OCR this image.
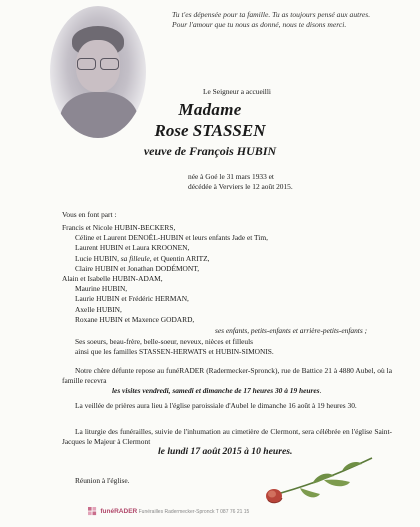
Tu t'es dépensée pour ta famille. Tu as toujours pensé aux autres.
Pour l'amour que tu nous as donné, nous te disons merci.
Le Seigneur a accueilli
Madame
Rose STASSEN
veuve de François HUBIN
née à Goé le 31 mars 1933 et
décédée à Verviers le 12 août 2015.
Vous en font part :
Francis et Nicole HUBIN-BECKERS,
Céline et Laurent DENOËL-HUBIN et leurs enfants Jade et Tim,
Laurent HUBIN et Laura KROONEN,
Lucie HUBIN, sa filleule, et Quentin ARITZ,
Claire HUBIN et Jonathan DODÉMONT,
Alain et Isabelle HUBIN-ADAM,
Maurine HUBIN,
Laurie HUBIN et Frédéric HERMAN,
Axelle HUBIN,
Roxane HUBIN et Maxence GODARD,
ses enfants, petits-enfants et arrière-petits-enfants ;
Ses soeurs, beau-frère, belle-soeur, neveux, nièces et filleuls
ainsi que les familles STASSEN-HERWATS et HUBIN-SIMONIS.
Notre chère défunte repose au funéRADER (Radermecker-Spronck), rue de Battice 21 à 4880 Aubel, où la famille recevra
les visites vendredi, samedi et dimanche de 17 heures 30 à 19 heures.
La veillée de prières aura lieu à l'église paroissiale d'Aubel le dimanche 16 août à 19 heures 30.
La liturgie des funérailles, suivie de l'inhumation au cimetière de Clermont, sera célébrée en l'église Saint-Jacques le Majeur à Clermont
le lundi 17 août 2015 à 10 heures.
Réunion à l'église.
funéRADER Funérailles Radermecker-Spronck T 087 76 21 15
